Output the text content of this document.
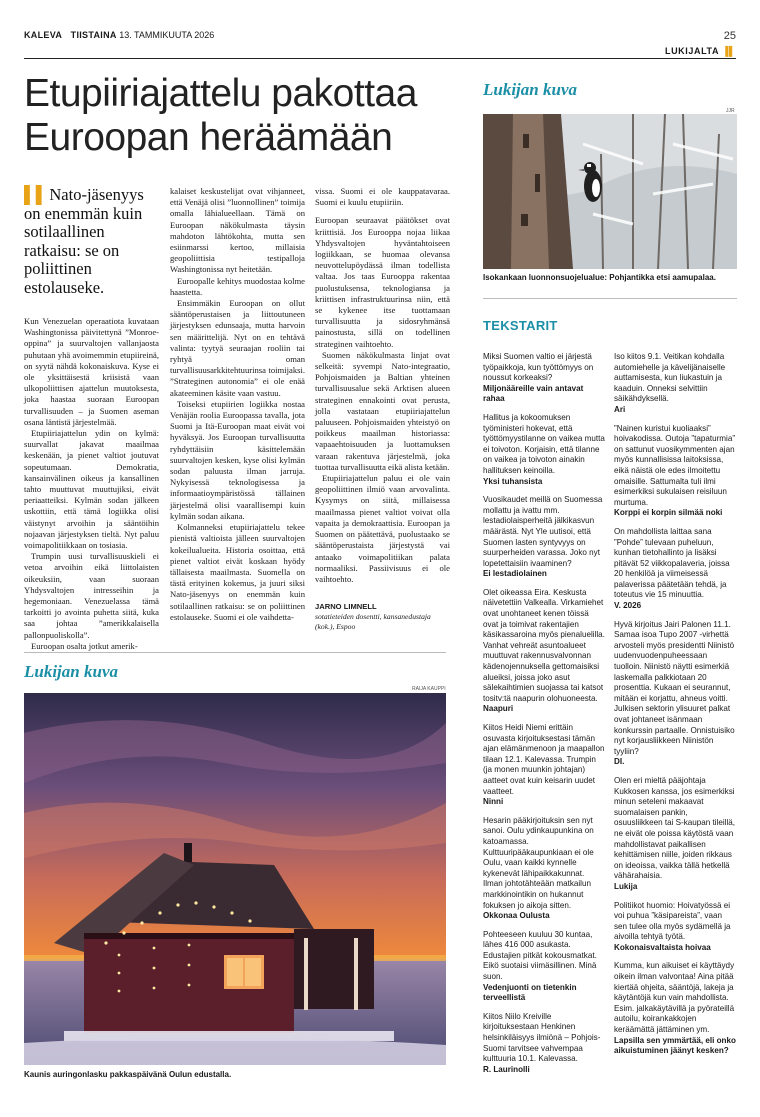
KALEVA TIISTAINA 13. TAMMIKUUTA 2026	25
LUKIJALTA ▐▌
Etupiiriajattelu pakottaa Euroopan heräämään
▌▌ Nato-jäsenyys on enemmän kuin sotilaallinen ratkaisu: se on poliittinen estolauseke.

Kun Venezuelan operaatiota kuvataan Washingtonissa päivitettynä ”Monroe-oppina” ja suurvaltojen vallanjaosta puhutaan yhä avoimemmin etupiireinä, on syytä nähdä kokonaiskuva. Kyse ei ole yksittäisestä kriisistä vaan ulkopoliittisen ajattelun muutoksesta, joka haastaa suoraan Euroopan turvallisuuden – ja Suomen aseman osana läntistä järjestelmää.

Etupiiriajattelun ydin on kylmä: suurvallat jakavat maailmaa keskenään, ja pienet valtiot joutuvat sopeutumaan. Demokratia, kansainvälinen oikeus ja kansallinen tahto muuttuvat muuttujiksi, eivät periaatteiksi. Kylmän sodan jälkeen uskottiin, että tämä logiikka olisi väistynyt arvoihin ja sääntöihin nojaavan järjestyksen tieltä. Nyt paluu voimapolitiikkaan on tosiasia.

Trumpin uusi turvallisuuskieli ei vetoa arvoihin eikä liittolaisten oikeuksiin, vaan suoraan Yhdysvaltojen intresseihin ja hegemoniaan. Venezuelassa tämä tarkoitti jo avointa puhetta siitä, kuka saa johtaa ”amerikkalaisella pallonpuoliskolla”.

Euroopan osalta jotkut amerik-

kalaiset keskustelijat ovat vihjanneet, että Venäjä olisi ”luonnollinen” toimija omalla lähialueellaan. Tämä on Euroopan näkökulmasta täysin mahdoton lähtökohta, mutta sen esiinmarssi kertoo, millaisia geopoliittisia testipalloja Washingtonissa nyt heitetään.

Euroopalle kehitys muodostaa kolme haastetta.

Ensimmäkin Euroopan on ollut sääntöperustaisen ja liittoutuneen järjestyksen edunsaaja, mutta harvoin sen määrittelijä. Nyt on en tehtävä valinta: tyytyä seuraajan rooliin tai ryhtyä oman turvallisuusarkkitehtuurinsa toimijaksi. ”Strateginen autonomia” ei ole enää akateeminen käsite vaan vastuu.

Toiseksi etupiirien logiikka nostaa Venäjän roolia Euroopassa tavalla, jota Suomi ja Itä-Euroopan maat eivät voi hyväksyä. Jos Euroopan turvallisuutta ryhdyttäisiin käsittelemään suurvaltojen kesken, kyse olisi kylmän sodan paluusta ilman jarruja. Nykyisessä teknologisessa ja informaatioympäristössä tällainen järjestelmä olisi vaarallisempi kuin kylmän sodan aikana.

Kolmanneksi etupiiriajattelu tekee pienistä valtioista jälleen suurvaltojen kokeilualueita. Historia osoittaa, että pienet valtiot eivät koskaan hyödy tällaisesta maailmasta. Suomella on tästä erityinen kokemus, ja juuri siksi Nato-jäsenyys on enemmän kuin sotilaallinen ratkaisu: se on poliittinen estolauseke. Suomi ei ole vaihdetta-

vissa. Suomi ei ole kauppatavaraa. Suomi ei kuulu etupiiriin.

Euroopan seuraavat päätökset ovat kriittisiä. Jos Eurooppa nojaa liikaa Yhdysvaltojen hyväntahtoiseen logiikkaan, se huomaa olevansa neuvottelupöydässä ilman todellista valtaa. Jos taas Eurooppa rakentaa puolustuksensa, teknologiansa ja kriittisen infrastruktuurinsa niin, että se kykenee itse tuottamaan turvallisuutta ja sidosryhmänsä painostusta, sillä on todellinen strateginen vaihtoehto.

Suomen näkökulmasta linjat ovat selkeitä: syvempi Nato-integraatio, Pohjoismaiden ja Baltian yhteinen turvallisuusalue sekä Arktisen alueen strateginen ennakointi ovat perusta, jolla vastataan etupiiriajattelun paluuseen. Pohjoismaiden yhteistyö on poikkeus maailman historiassa: vapaaehtoisuuden ja luottamuksen varaan rakentuva järjestelmä, joka tuottaa turvallisuutta eikä alista ketään.

Etupiiriajattelun paluu ei ole vain geopoliittinen ilmiö vaan arvovalinta. Kysymys on siitä, millaisessa maailmassa pienet valtiot voivat olla vapaita ja demokraattisia. Euroopan ja Suomen on päätettävä, puolustaako se sääntöperustaista järjestystä vai antaako voimapolitiikan palata normaaliksi. Passiivisuus ei ole vaihtoehto.

JARNO LIMNELL
sotatieteiden dosentti, kansanedustaja (kok.), Espoo
Lukijan kuva
RAIJA KAUPPI
Kaunis auringonlasku pakkaspäivänä Oulun edustalla.
Lukijan kuva
JJR
Isokankaan luonnonsuojelualue: Pohjantikka etsi aamupalaa.
TEKSTARIT
Miksi Suomen valtio ei järjestä työpaikkoja, kun työttömyys on noussut korkeaksi?
Miljonääreille vain antavat rahaa
Hallitus ja kokoomuksen työministeri hokevat, että työttömyystilanne on vaikea mutta ei toivoton. Korjaisin, että tilanne on vaikea ja toivoton ainakin hallituksen keinoilla.
Yksi tuhansista
Vuosikaudet meillä on Suomessa mollattu ja ivattu mm. lestadiolaisperheitä jälkikasvun määrästä. Nyt Yle uutisoi, että Suomen lasten syntyvyys on suurperheiden varassa. Joko nyt lopetettaisiin ivaaminen?
Ei lestadiolainen
Olet oikeassa Eira. Keskusta näivetettiin Valkealla. Virkamiehet ovat unohtaneet kenen töissä ovat ja toimivat rakentajien käsikassaroina myös pienaluelilla. Vanhat vehreät asuntoalueet muuttuvat rakennusvalvonnan kädenojennuksella gettomaisiksi alueiksi, joissa joko asut sälekaihtimien suojassa tai katsot tositv:tä naapurin olohuoneesta.
Naapuri
Kiitos Heidi Niemi erittäin osuvasta kirjoituksestasi tämän ajan elämänmenoon ja maapallon tilaan 12.1. Kalevassa. Trumpin (ja monen muunkin johtajan) aatteet ovat kuin keisarin uudet vaatteet.
Ninni
Hesarin pääkirjoituksin sen nyt sanoi. Oulu ydinkaupunkina on katoamassa. Kulttuuripääkaupunkiaan ei ole Oulu, vaan kaikki kynnelle kykenevät lähipaikkakunnat. Ilman johtotähteään matkailun markkinointikin on hukannut fokuksen jo aikoja sitten.
Okkonaa Oulusta
Pohteeseen kuuluu 30 kuntaa, lähes 416 000 asukasta. Edustajien pitkät kokousmatkat. Eikö suotaisi viimäsillinen. Minä suon.
Vedenjuonti on tietenkin terveellistä
Kiitos Niilo Kreiville kirjoituksestaan Henkinen helsinkiläisyys ilmiönä – Pohjois-Suomi tarvitsee vahvempaa kulttuuria 10.1. Kalevassa.
R. Laurinolli
Iso kiitos 9.1. Veitikan kohdalla automiehelle ja kävelijänaiselle auttamisesta, kun liukastuin ja kaaduin. Onneksi selvittiin säikähdyksellä.
Ari
”Nainen kuristui kuoliaaksi” hoivakodissa. Outoja ”tapaturmia” on sattunut vuosikymmenten ajan myös kunnallisissa laitoksissa, eikä näistä ole edes ilmoitettu omaisille. Sattumalta tuli ilmi esimerkiksi sukulaisen reisiluun murtuma.
Korppi ei korpin silmää noki
On mahdollista laittaa sana ”Pohde” tulevaan puheluun, kunhan tietohallinto ja lisäksi pitävät 52 viikkopalaveria, joissa 20 henkilöä ja viimeisessä palaverissa päätetään tehdä, ja toteutus vie 15 minuuttia.
V. 2026
Hyvä kirjoitus Jairi Palonen 11.1. Samaa isoa Tupo 2007 -virhettä arvosteli myös presidentti Niinistö uudenvuodenpuheessaan tuolloin. Niinistö näytti esimerkiä laskemalla palkkiotaan 20 prosenttia. Kukaan ei seurannut, mitään ei korjattu, ahneus voitti. Julkisen sektorin ylisuuret palkat ovat johtaneet isänmaan konkurssin partaalle. Onnistuisiko nyt korjausliikkeen Niinistön tyyliin?
DI.
Olen eri mieltä pääjohtaja Kukkosen kanssa, jos esimerkiksi minun seteleni makaavat suomalaisen pankin, osuusliikkeen tai S-kaupan tileillä, ne eivät ole poissa käytöstä vaan mahdollistavat paikallisen kehittämisen niille, joiden rikkaus on ideoissa, vaikka tällä hetkellä vähärahaisia.
Lukija
Politiikot huomio: Hoivatyössä ei voi puhua ”käsipareista”, vaan sen tulee olla myös sydämellä ja aivoilla tehtyä työtä.
Kokonaisvaltaista hoivaa
Kumma, kun aikuiset ei käyttäydy oikein ilman valvontaa! Aina pitää kiertää ohjeita, sääntöjä, lakeja ja käytäntöjä kun vain mahdollista. Esim. jalkakäytävillä ja pyörateillä autoilu, koirankakkojen keräämättä jättäminen ym.
Lapsilla sen ymmärtää, eli onko aikuistuminen jäänyt kesken?
